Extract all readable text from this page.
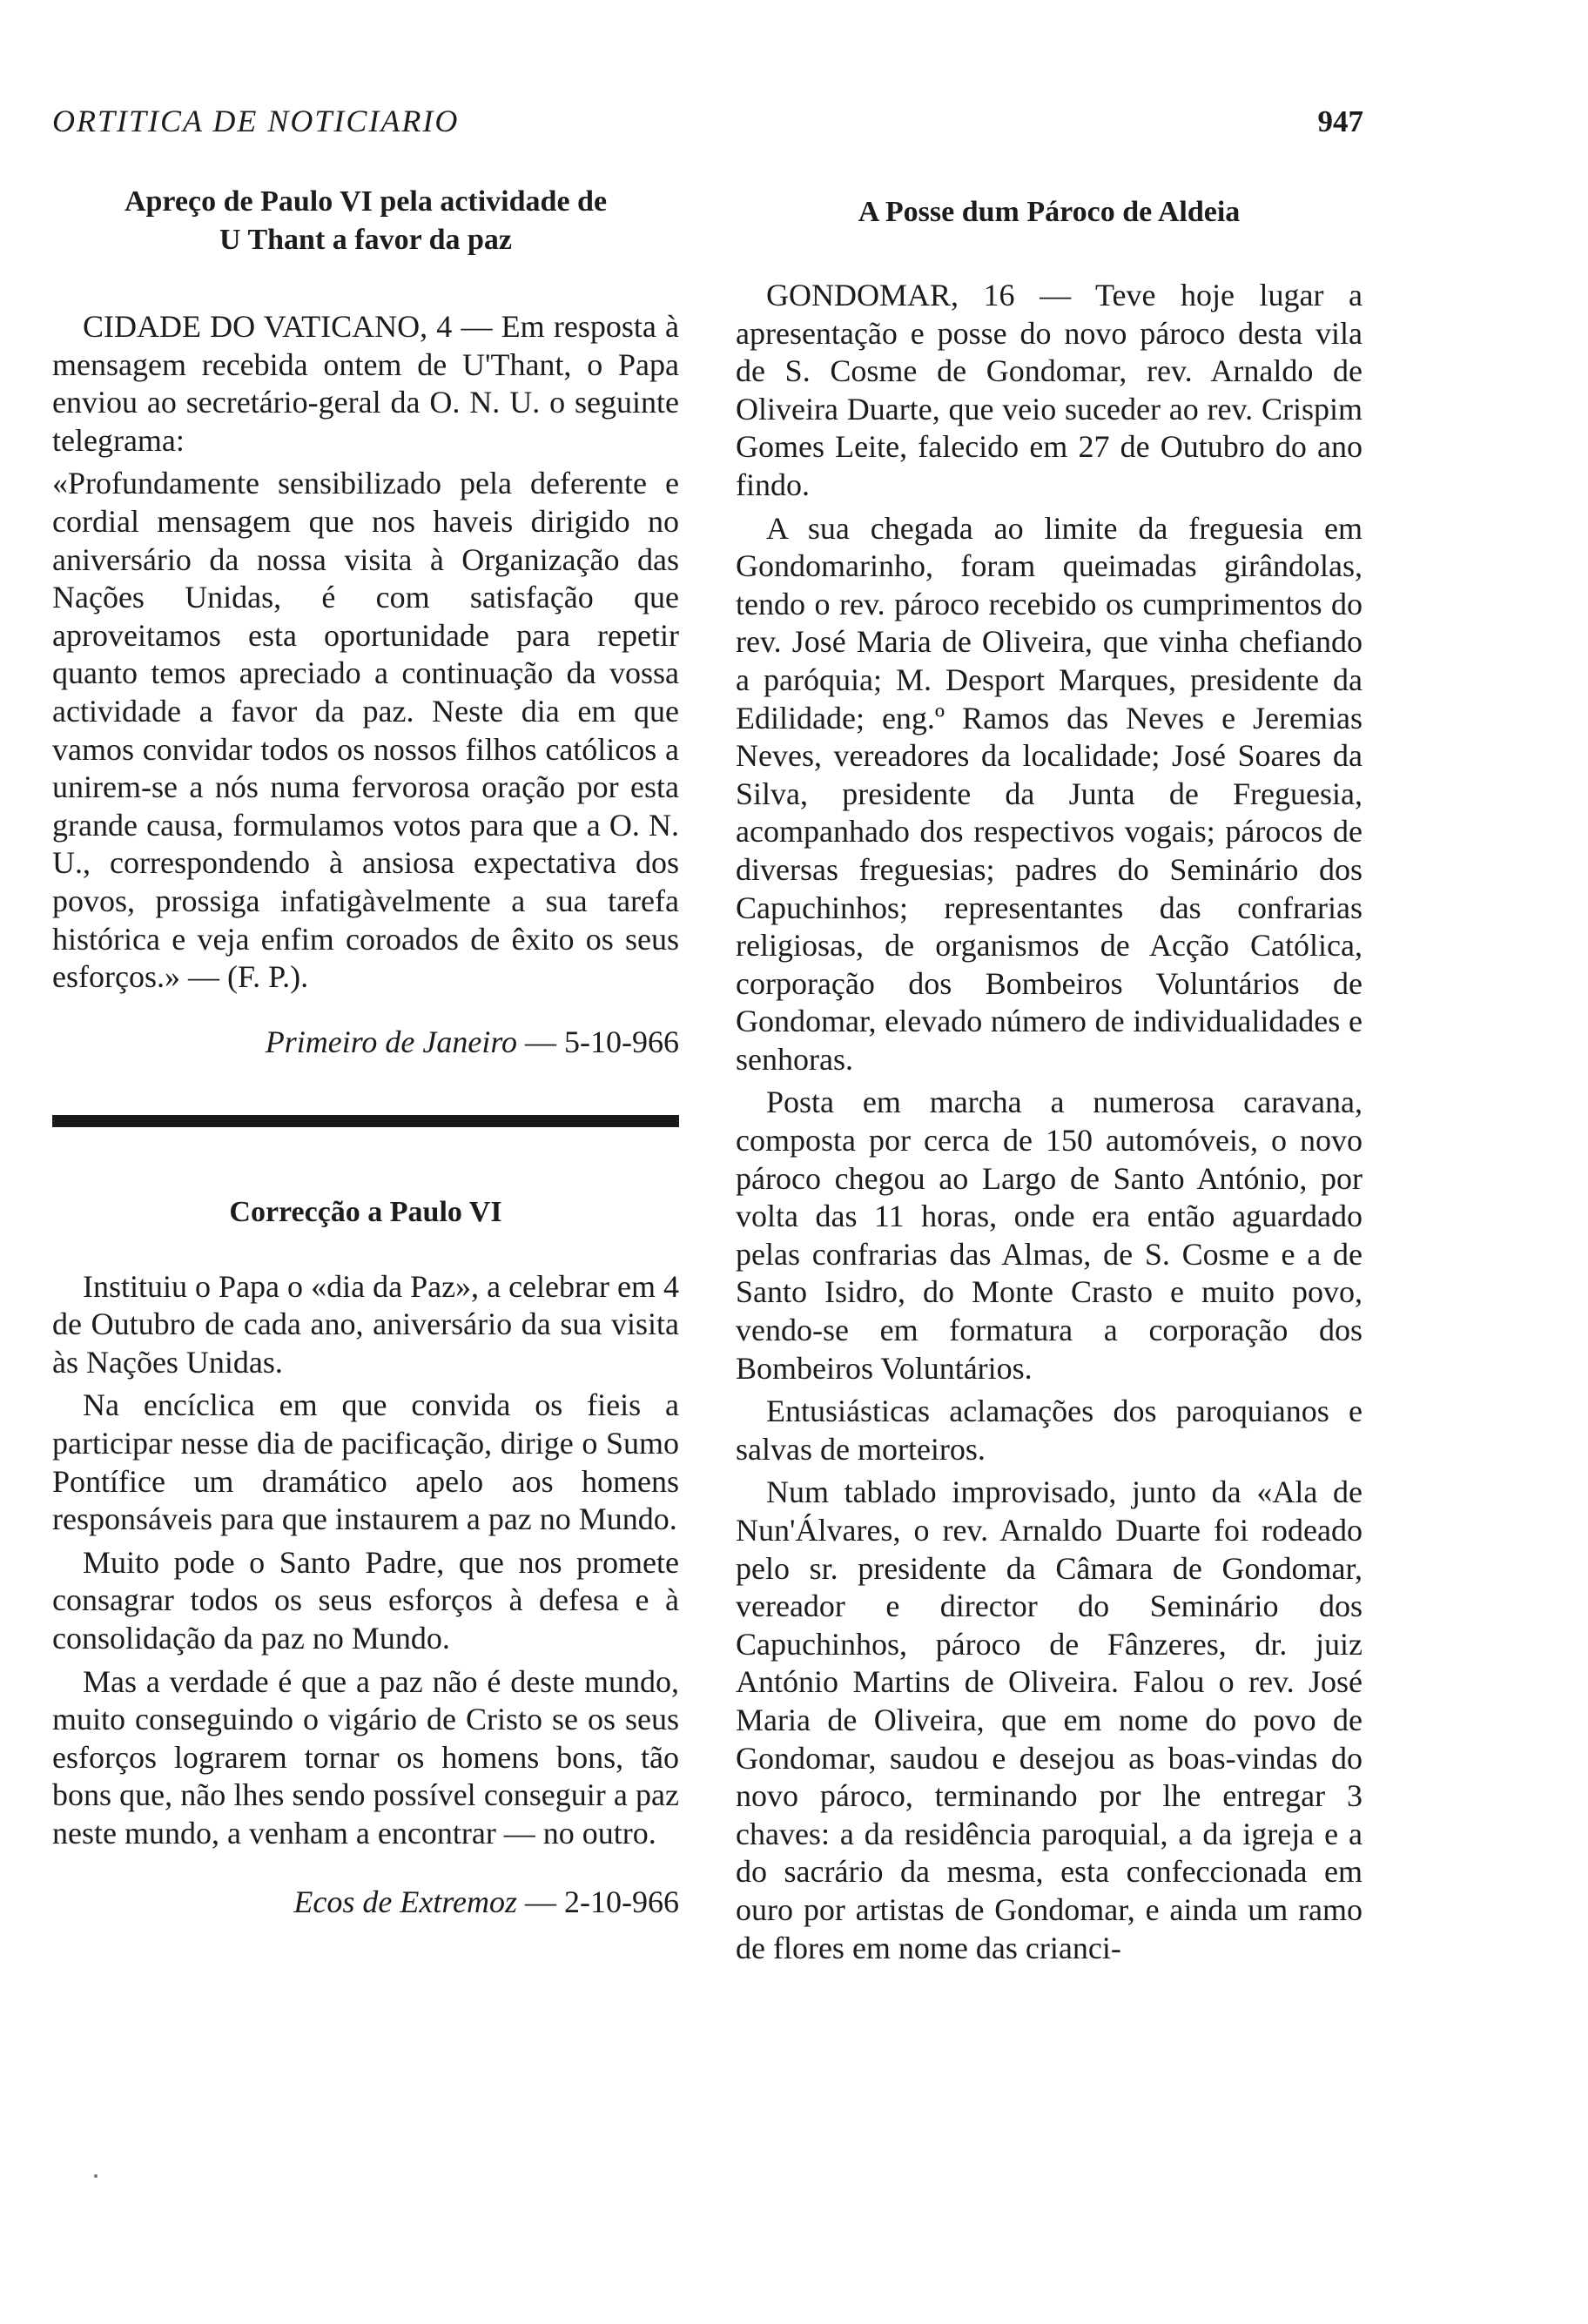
ORTITICA DE NOTICIARIO	947
Apreço de Paulo VI pela actividade de
U Thant a favor da paz

CIDADE DO VATICANO, 4 — Em resposta à mensagem recebida ontem de U'Thant, o Papa enviou ao secretário-geral da O. N. U. o seguinte telegrama:

«Profundamente sensibilizado pela deferente e cordial mensagem que nos haveis dirigido no aniversário da nossa visita à Organização das Nações Unidas, é com satisfação que aproveitamos esta oportunidade para repetir quanto temos apreciado a continuação da vossa actividade a favor da paz. Neste dia em que vamos convidar todos os nossos filhos católicos a unirem-se a nós numa fervorosa oração por esta grande causa, formulamos votos para que a O. N. U., correspondendo à ansiosa expectativa dos povos, prossiga infatigàvelmente a sua tarefa histórica e veja enfim coroados de êxito os seus esforços.» — (F. P.).

Primeiro de Janeiro — 5-10-966

Correcção a Paulo VI

Instituiu o Papa o «dia da Paz», a celebrar em 4 de Outubro de cada ano, aniversário da sua visita às Nações Unidas.

Na encíclica em que convida os fieis a participar nesse dia de pacificação, dirige o Sumo Pontífice um dramático apelo aos homens responsáveis para que instaurem a paz no Mundo.

Muito pode o Santo Padre, que nos promete consagrar todos os seus esforços à defesa e à consolidação da paz no Mundo.

Mas a verdade é que a paz não é deste mundo, muito conseguindo o vigário de Cristo se os seus esforços lograrem tornar os homens bons, tão bons que, não lhes sendo possível conseguir a paz neste mundo, a venham a encontrar — no outro.

Ecos de Extremoz — 2-10-966

A Posse dum Pároco de Aldeia

GONDOMAR, 16 — Teve hoje lugar a apresentação e posse do novo pároco desta vila de S. Cosme de Gondomar, rev. Arnaldo de Oliveira Duarte, que veio suceder ao rev. Crispim Gomes Leite, falecido em 27 de Outubro do ano findo.

A sua chegada ao limite da freguesia em Gondomarinho, foram queimadas girândolas, tendo o rev. pároco recebido os cumprimentos do rev. José Maria de Oliveira, que vinha chefiando a paróquia; M. Desport Marques, presidente da Edilidade; eng.º Ramos das Neves e Jeremias Neves, vereadores da localidade; José Soares da Silva, presidente da Junta de Freguesia, acompanhado dos respectivos vogais; párocos de diversas freguesias; padres do Seminário dos Capuchinhos; representantes das confrarias religiosas, de organismos de Acção Católica, corporação dos Bombeiros Voluntários de Gondomar, elevado número de individualidades e senhoras.

Posta em marcha a numerosa caravana, composta por cerca de 150 automóveis, o novo pároco chegou ao Largo de Santo António, por volta das 11 horas, onde era então aguardado pelas confrarias das Almas, de S. Cosme e a de Santo Isidro, do Monte Crasto e muito povo, vendo-se em formatura a corporação dos Bombeiros Voluntários.

Entusiásticas aclamações dos paroquianos e salvas de morteiros.

Num tablado improvisado, junto da «Ala de Nun'Álvares, o rev. Arnaldo Duarte foi rodeado pelo sr. presidente da Câmara de Gondomar, vereador e director do Seminário dos Capuchinhos, pároco de Fânzeres, dr. juiz António Martins de Oliveira. Falou o rev. José Maria de Oliveira, que em nome do povo de Gondomar, saudou e desejou as boas-vindas do novo pároco, terminando por lhe entregar 3 chaves: a da residência paroquial, a da igreja e a do sacrário da mesma, esta confeccionada em ouro por artistas de Gondomar, e ainda um ramo de flores em nome das crianci-
